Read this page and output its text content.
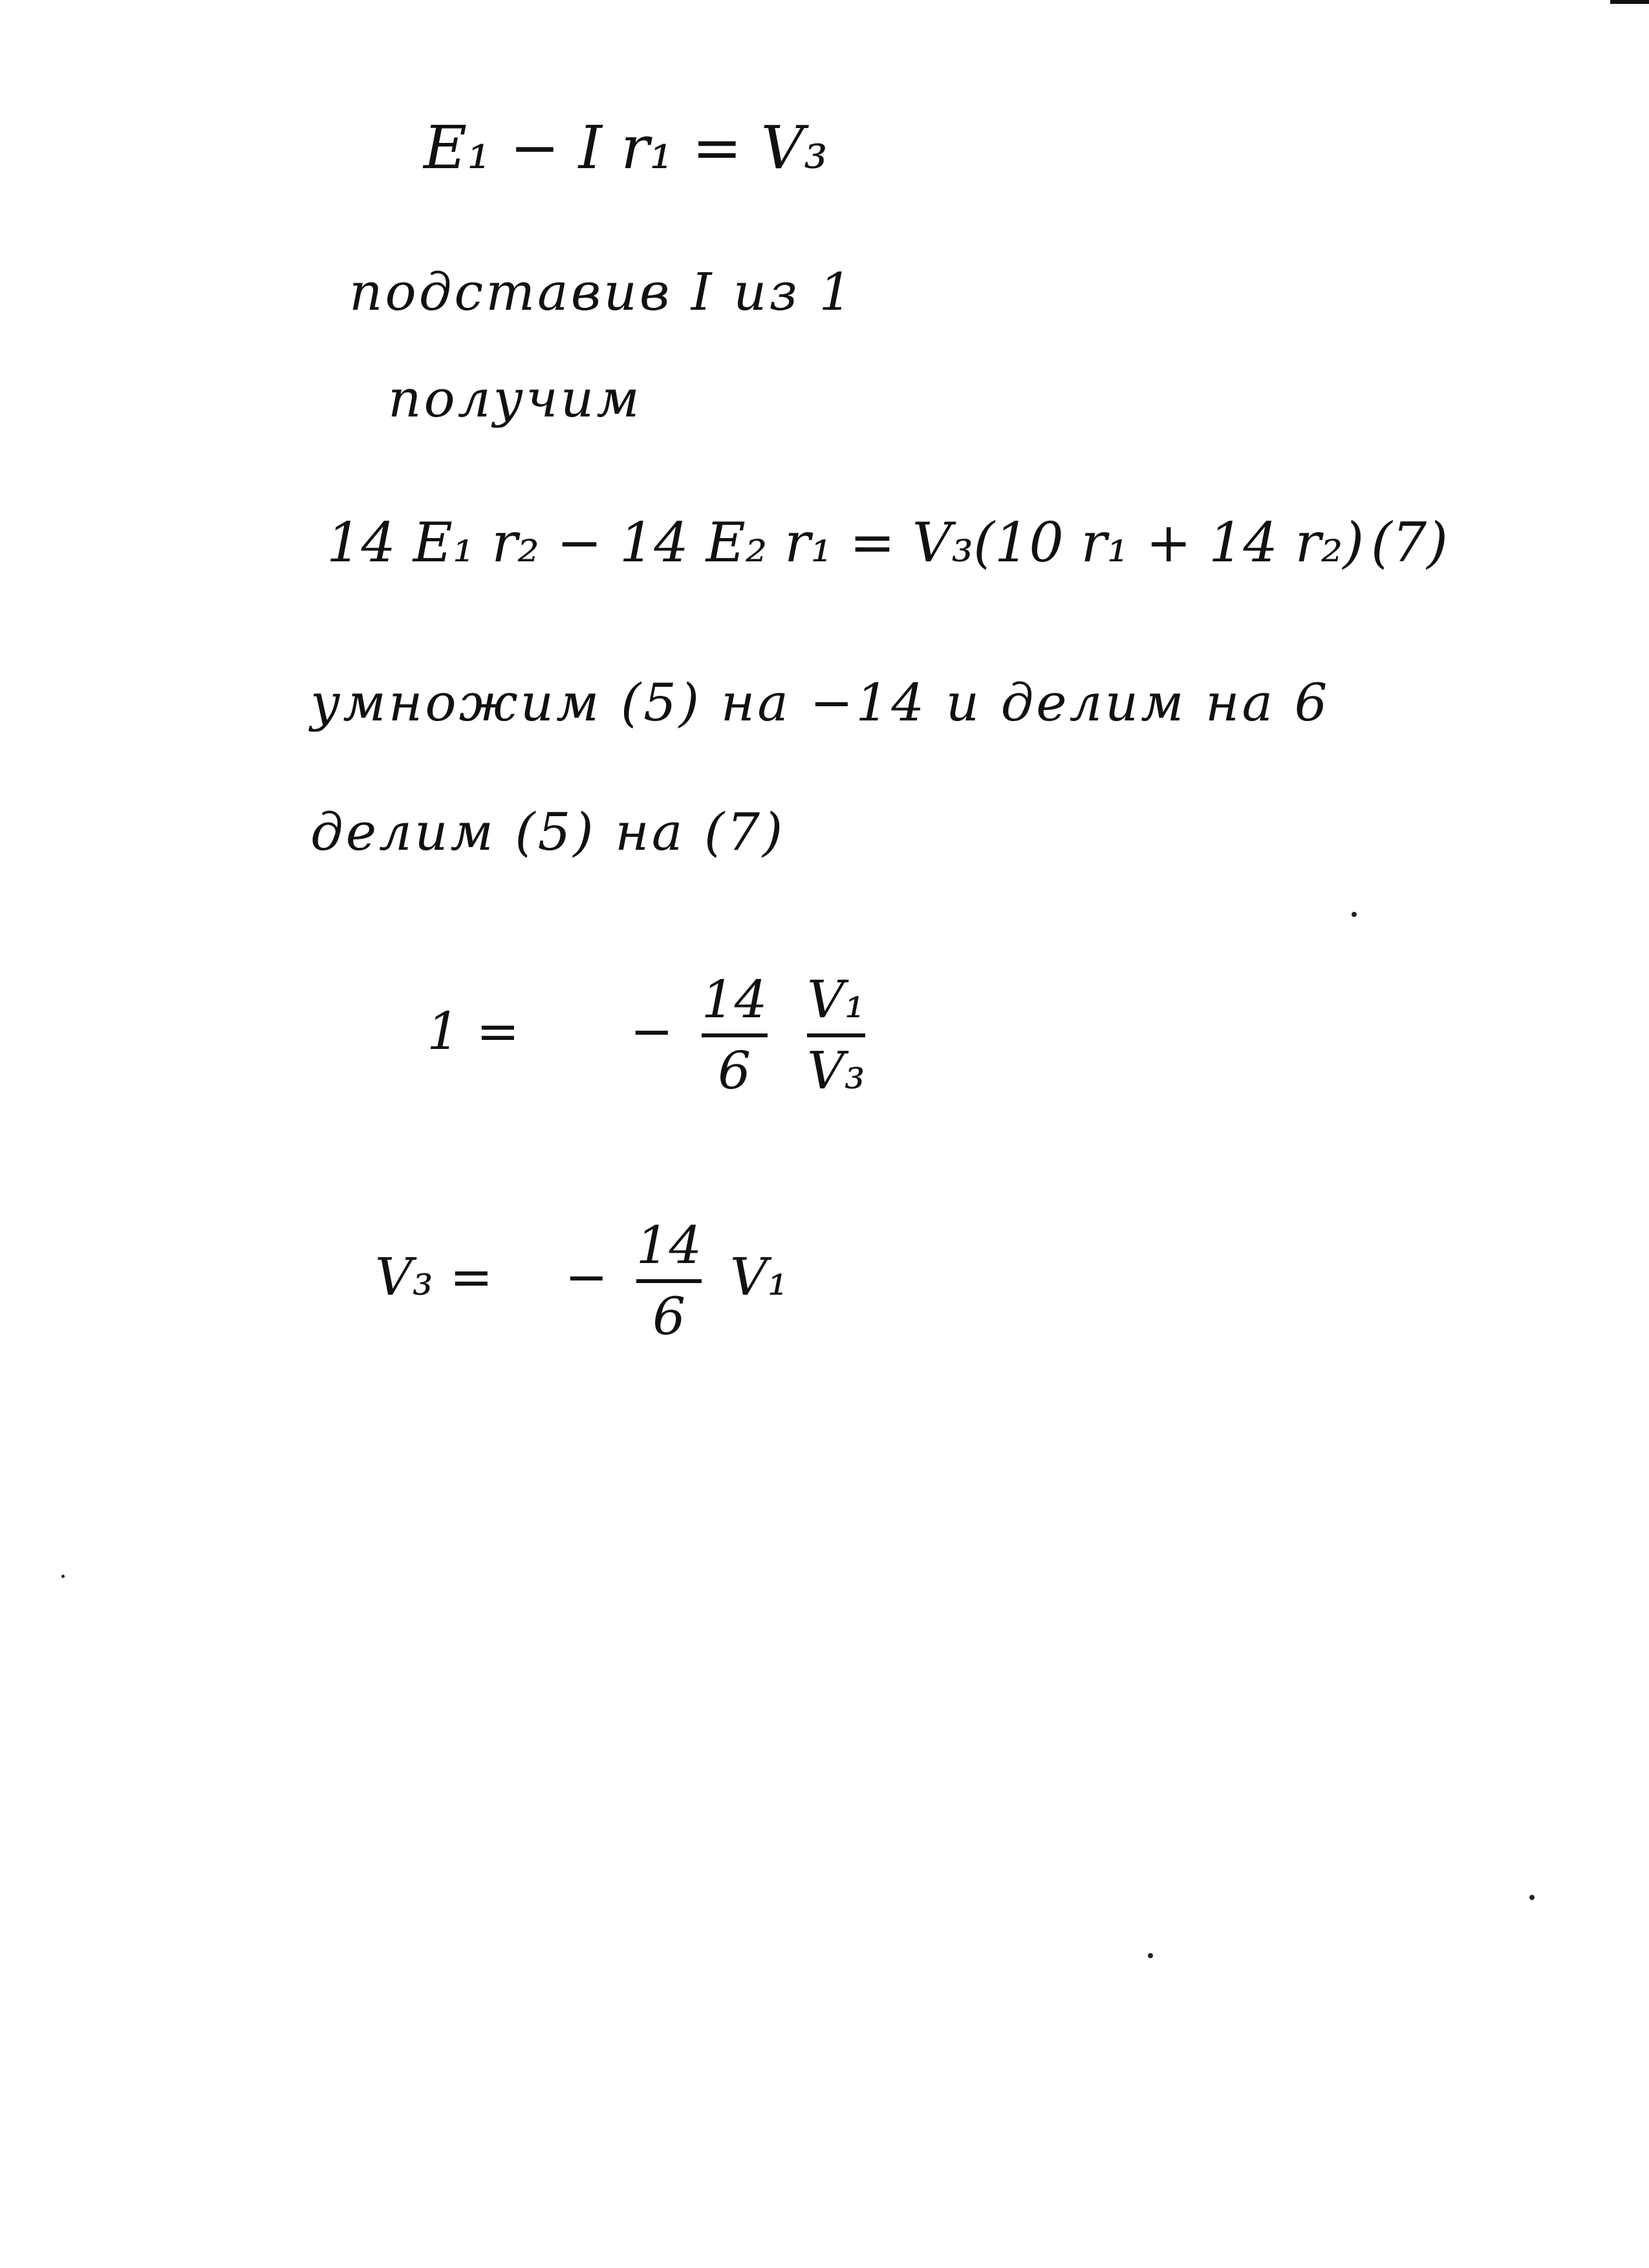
E₁ − I r₁ = V₃
подставив I из 1
получим
14 E₁ r₂ − 14 E₂ r₁ = V₃(10 r₁ + 14 r₂) (7)
умножим (5) на −14 и делим на 6
делим (5) на (7)
1 = −
14
6

V₁
V₃
V₃ = −
14
6
V₁
